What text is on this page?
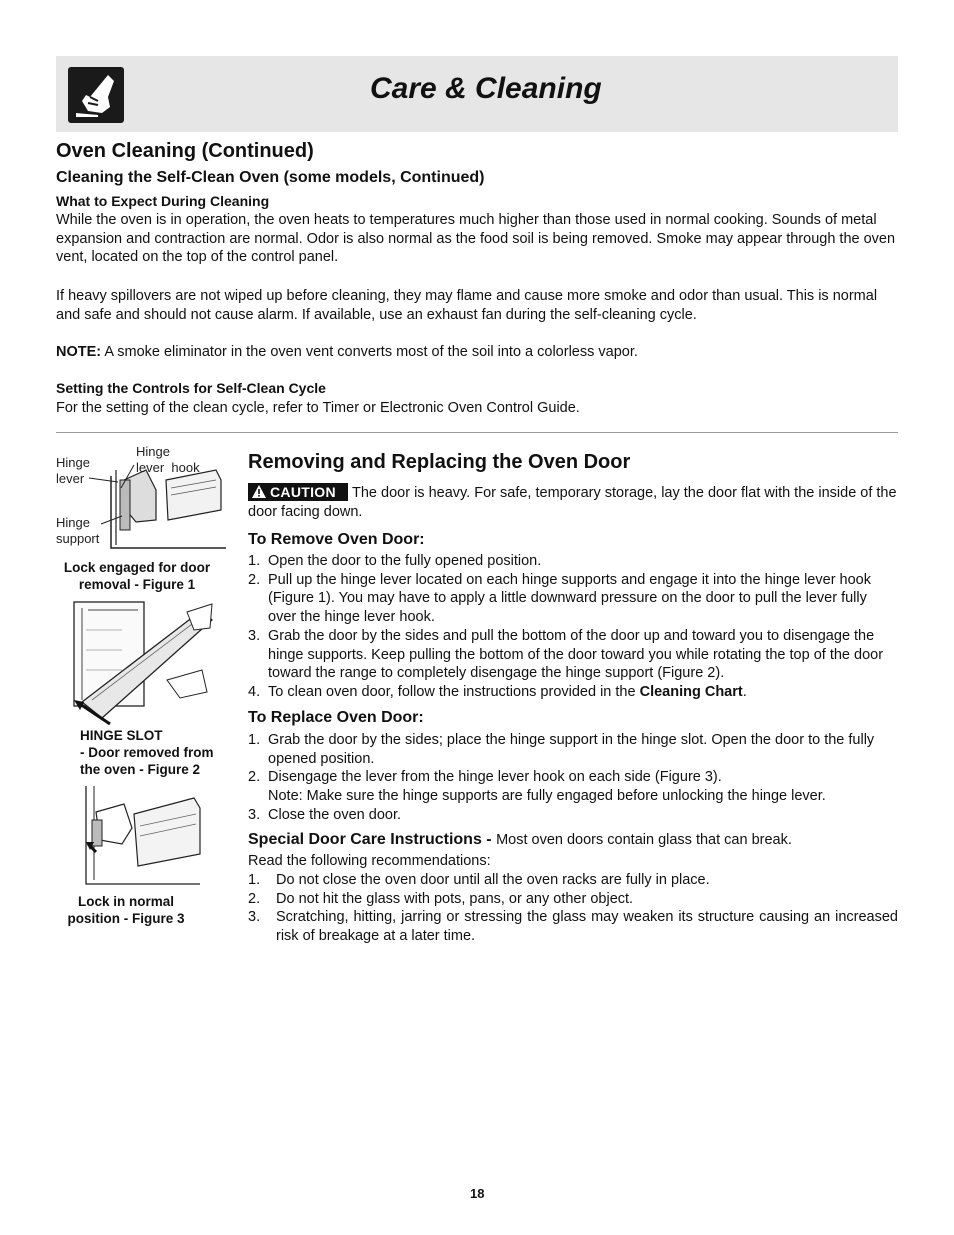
Care & Cleaning
Oven Cleaning (Continued)
Cleaning the Self-Clean Oven (some models, Continued)
What to Expect During Cleaning

While the oven is in operation, the oven heats to temperatures much higher than those used in normal cooking. Sounds of metal expansion and contraction are normal. Odor is also normal as the food soil is being removed. Smoke may appear through the oven vent, located on the top of the control panel.

If heavy spillovers are not wiped up before cleaning, they may flame and cause more smoke and odor than usual. This is normal and safe and should not cause alarm. If available, use an exhaust fan during the self-cleaning cycle.

NOTE: A smoke eliminator in the oven vent converts most of the soil into a colorless vapor.

Setting the Controls for Self-Clean Cycle

For the setting of the clean cycle, refer to Timer or Electronic Oven Control Guide.

Hinge
lever
Hinge
lever  hook
Hinge
support
Lock engaged for door
removal - Figure 1
HINGE SLOT
- Door removed from
the oven - Figure 2
Lock in normal
position - Figure 3
Removing and Replacing the Oven Door
CAUTION	The door is heavy. For safe, temporary storage, lay the door flat with the inside of the door facing down.

To Remove Oven Door:
1. Open the door to the fully opened position.
2. Pull up the hinge lever located on each hinge supports and engage it into the hinge lever hook (Figure 1). You may have to apply a little downward pressure on the door to pull the lever fully over the hinge lever hook.
3. Grab the door by the sides and pull the bottom of the door up and toward you to disengage the hinge supports. Keep pulling the bottom of the door toward you while rotating the top of the door toward the range to completely disengage the hinge support (Figure 2).
4. To clean oven door, follow the instructions provided in the Cleaning Chart.
To Replace Oven Door:
1. Grab the door by the sides; place the hinge support in the hinge slot. Open the door to the fully opened position.
2. Disengage the lever from the hinge lever hook on each side (Figure 3).
Note: Make sure the hinge supports are fully engaged before unlocking the hinge lever.
3. Close the oven door.

Special Door Care Instructions - Most oven doors contain glass that can break.

Read the following recommendations:

1. Do not close the oven door until all the oven racks are fully in place.
2. Do not hit the glass with pots, pans, or any other object.
3. Scratching, hitting, jarring or stressing the glass may weaken its structure causing an increased risk of breakage at a later time.
18
